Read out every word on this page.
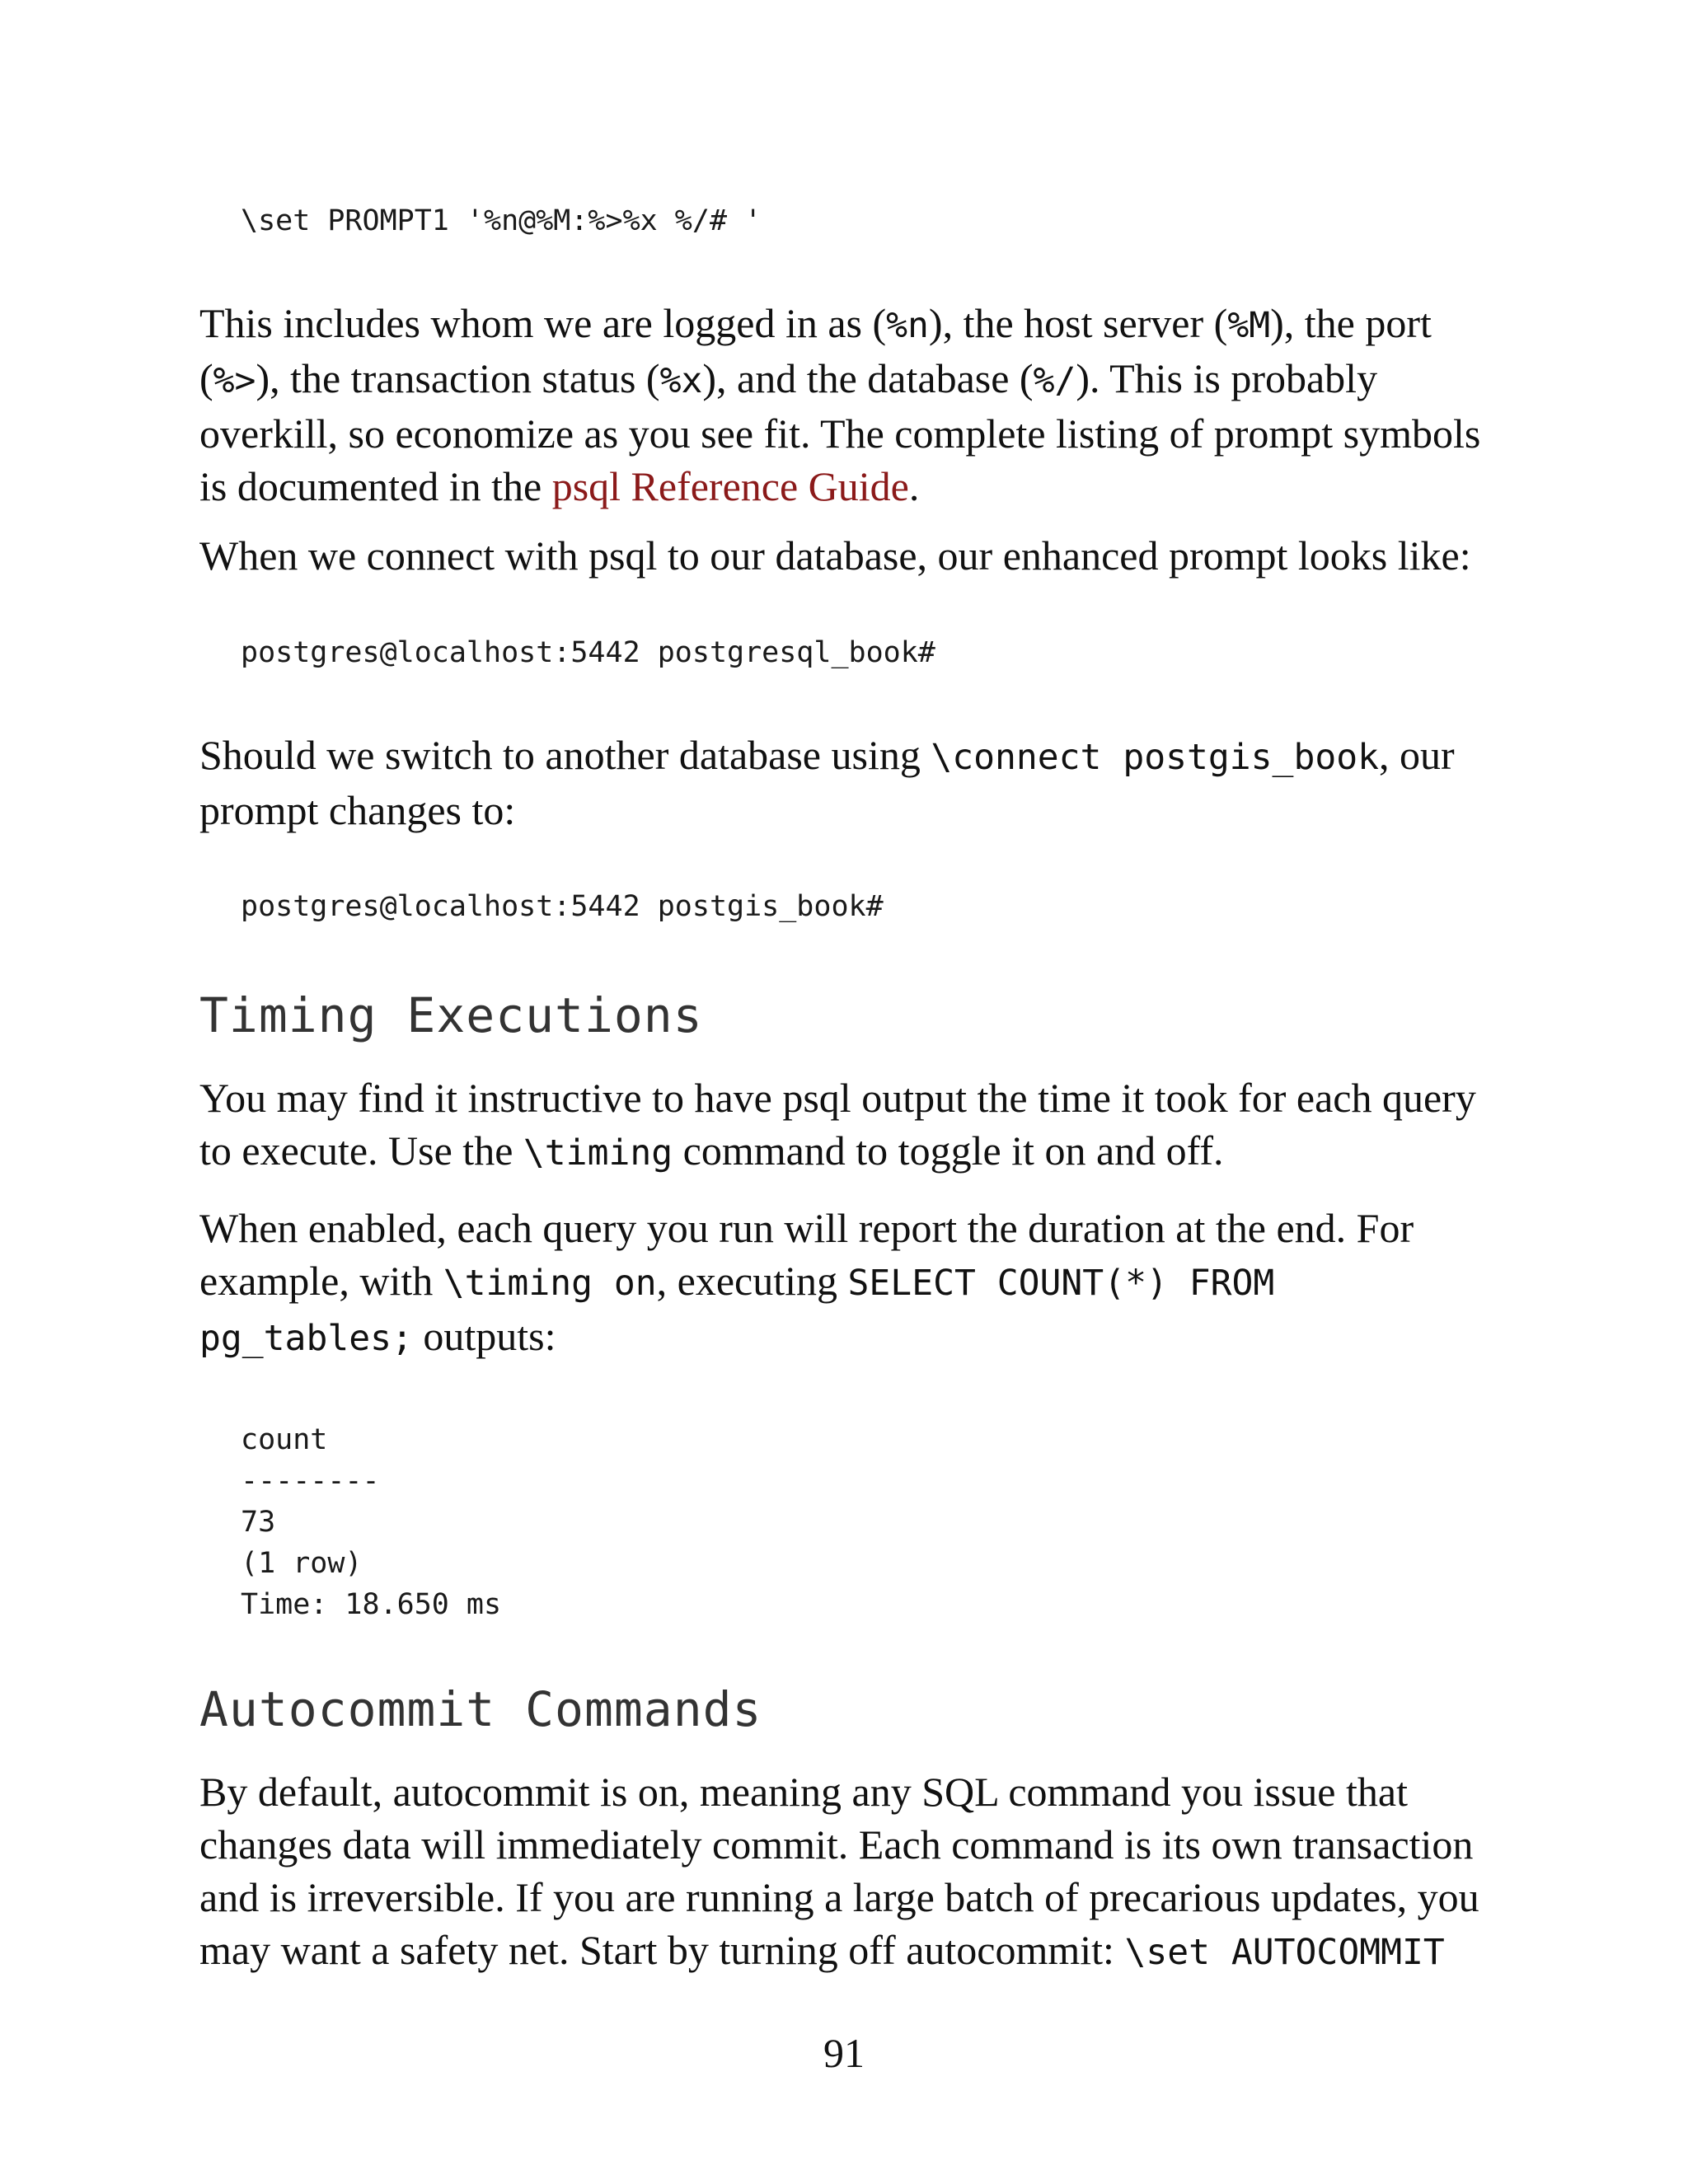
\set PROMPT1 '%n@%M:%>%x %/# '

This includes whom we are logged in as (%n), the host server (%M), the port (%>), the transaction status (%x), and the database (%/). This is probably overkill, so economize as you see fit. The complete listing of prompt symbols is documented in the psql Reference Guide.

When we connect with psql to our database, our enhanced prompt looks like:

postgres@localhost:5442 postgresql_book#

Should we switch to another database using \connect postgis_book, our prompt changes to:

postgres@localhost:5442 postgis_book#
Timing Executions

You may find it instructive to have psql output the time it took for each query to execute. Use the \timing command to toggle it on and off.

When enabled, each query you run will report the duration at the end. For example, with \timing on, executing SELECT COUNT(*) FROM pg_tables; outputs:

count
--------
73
(1 row)
Time: 18.650 ms
Autocommit Commands

By default, autocommit is on, meaning any SQL command you issue that changes data will immediately commit. Each command is its own transaction and is irreversible. If you are running a large batch of precarious updates, you may want a safety net. Start by turning off autocommit: \set AUTOCOMMIT

91
